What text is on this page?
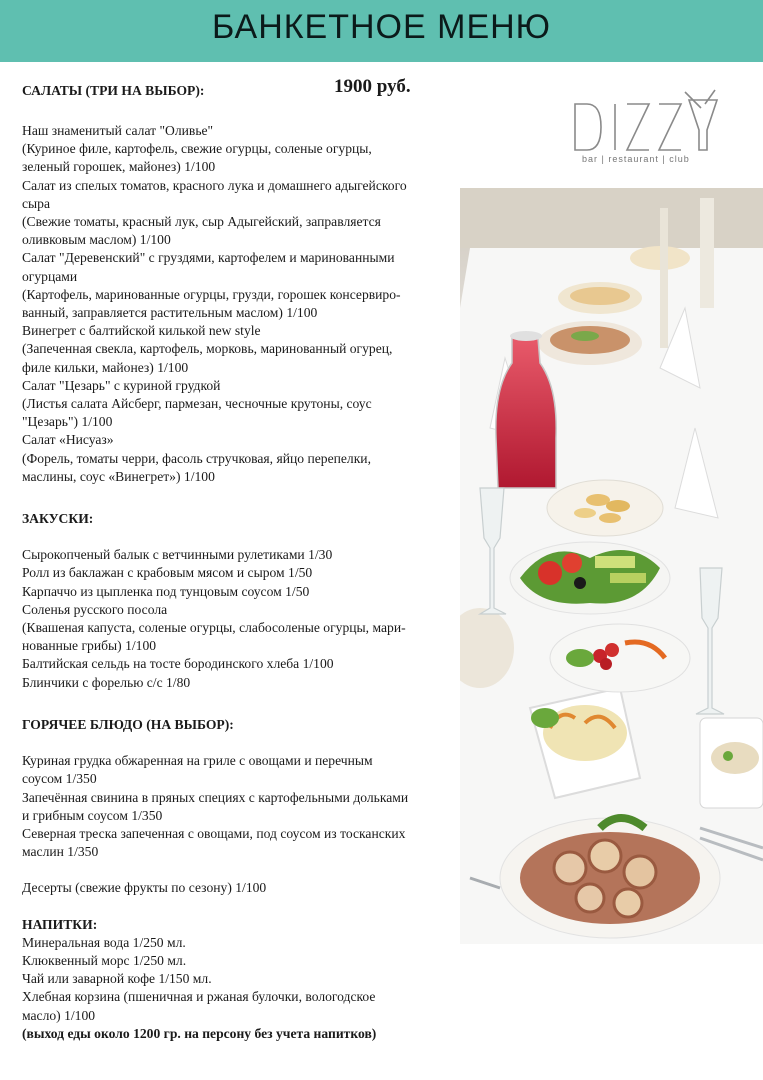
БАНКЕТНОЕ МЕНЮ
САЛАТЫ (ТРИ НА ВЫБОР):	1900 руб.
Наш знаменитый салат "Оливье"
(Куриное филе, картофель, свежие огурцы, соленые огурцы,
зеленый горошек, майонез) 1/100
Салат из спелых томатов, красного лука и домашнего адыгейского
сыра
(Свежие томаты, красный лук, сыр Адыгейский, заправляется
оливковым маслом) 1/100
Салат "Деревенский" с груздями, картофелем и маринованными
огурцами
(Картофель, маринованные огурцы, грузди, горошек консервиро-
ванный, заправляется растительным маслом) 1/100
Винегрет с балтийской килькой new style
(Запеченная свекла, картофель, морковь, маринованный огурец,
филе кильки, майонез) 1/100
Салат "Цезарь" с куриной грудкой
(Листья салата Айсберг, пармезан, чесночные крутоны, соус
"Цезарь") 1/100
Салат «Нисуаз»
(Форель, томаты черри, фасоль стручковая, яйцо перепелки,
маслины, соус «Винегрет») 1/100

ЗАКУСКИ:

Сырокопченый балык с ветчинными рулетиками 1/30
Ролл из баклажан с крабовым мясом и сыром 1/50
Карпаччо из цыпленка под тунцовым соусом 1/50
Соленья русского посола
(Квашеная капуста, соленые огурцы, слабосоленые огурцы, мари-
нованные грибы) 1/100
Балтийская сельдь на тосте бородинского хлеба 1/100
Блинчики с форелью с/с 1/80

ГОРЯЧЕЕ БЛЮДО (НА ВЫБОР):

Куриная грудка обжаренная на гриле с овощами и перечным
соусом 1/350
Запечённая свинина в пряных специях с картофельными дольками
и грибным соусом 1/350
Северная треска запеченная с овощами, под соусом из тосканских
маслин 1/350
Десерты (свежие фрукты по сезону) 1/100

НАПИТКИ:

Минеральная вода 1/250 мл.
Клюквенный морс 1/250 мл.
Чай или заварной кофе 1/150 мл.
Хлебная корзина (пшеничная и ржаная булочки, вологодское
масло) 1/100

(выход еды около 1200 гр. на персону без учета напитков)

bar | restaurant | club
